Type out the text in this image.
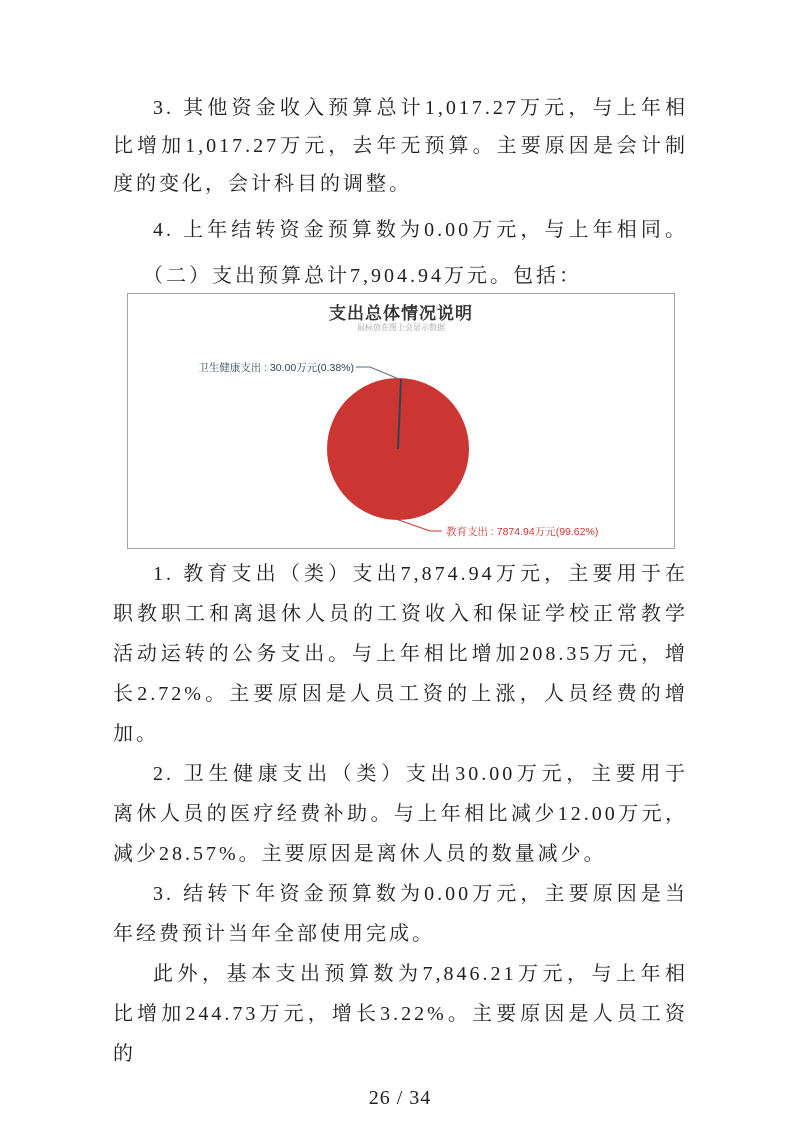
3. 其他资金收入预算总计1,017.27万元，与上年相
比增加1,017.27万元，去年无预算。主要原因是会计制
度的变化，会计科目的调整。
4. 上年结转资金预算数为0.00万元，与上年相同。
（二）支出预算总计7,904.94万元。包括：
支出总体情况说明
鼠标放在图上会显示数据
卫生健康支出 : 30.00万元(0.38%)
教育支出 : 7874.94万元(99.62%)
1. 教育支出（类）支出7,874.94万元，主要用于在
职教职工和离退休人员的工资收入和保证学校正常教学
活动运转的公务支出。与上年相比增加208.35万元，增
长2.72%。主要原因是人员工资的上涨，人员经费的增
加。
2. 卫生健康支出（类）支出30.00万元，主要用于
离休人员的医疗经费补助。与上年相比减少12.00万元，
减少28.57%。主要原因是离休人员的数量减少。
3. 结转下年资金预算数为0.00万元，主要原因是当
年经费预计当年全部使用完成。
此外，基本支出预算数为7,846.21万元，与上年相
比增加244.73万元，增长3.22%。主要原因是人员工资的
26 / 34
